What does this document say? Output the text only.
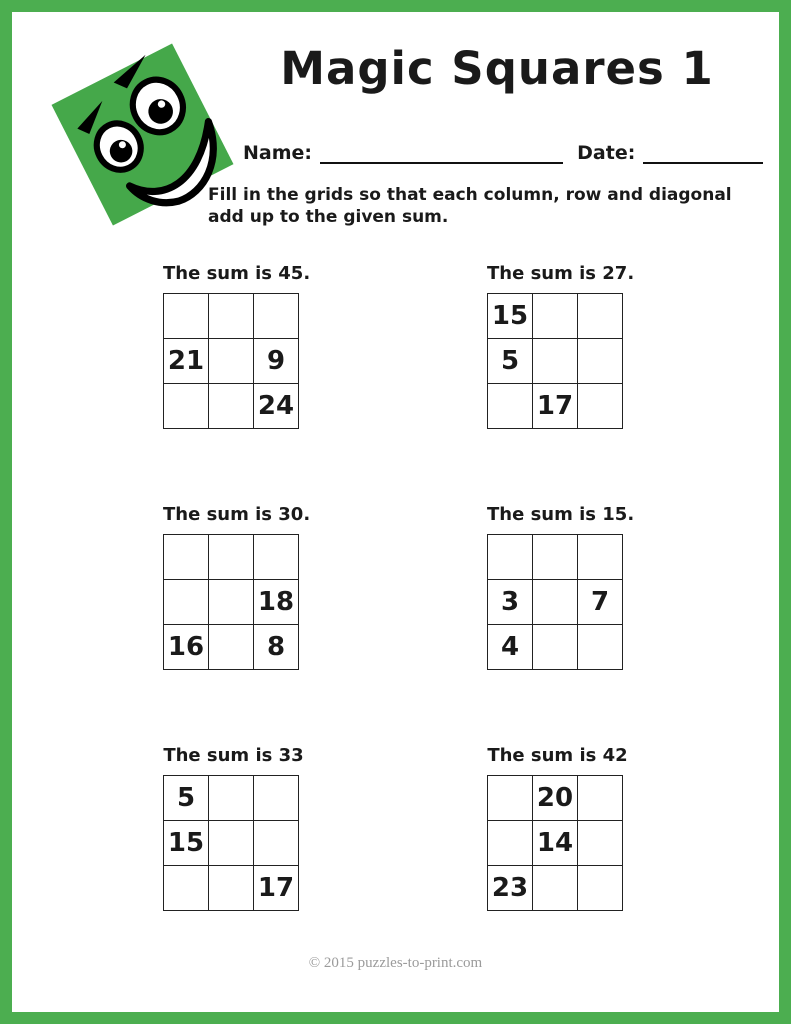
Magic Squares 1
Name:	Date:
Fill in the grids so that each column, row and diagonal add up to the given sum.
The sum is 45.

21		9
		24
The sum is 27.
15		
5		
	17	
The sum is 30.

		18
16		8
The sum is 15.

3		7
4		
The sum is 33
5		
15		
		17
The sum is 42
	20	
	14	
23		
© 2015 puzzles-to-print.com
